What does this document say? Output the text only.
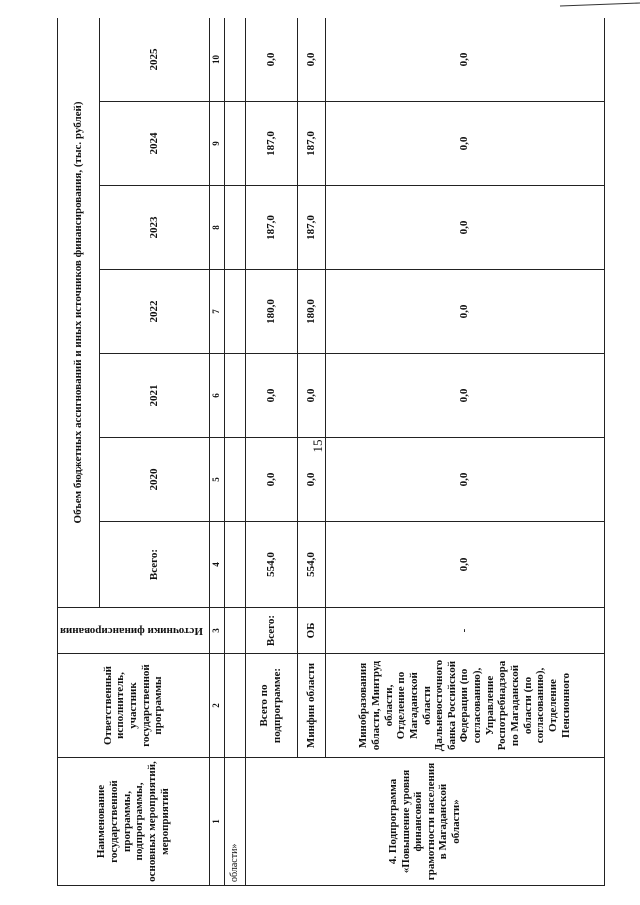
15
Наименование государственной программы, подпрограммы, основных мероприятий, мероприятий	Ответственный исполнитель, участник государственной программы	Источники финансирования	Объем бюджетных ассигнований и иных источников финансирования, (тыс. рублей)						
			Всего:	2020	2021	2022	2023	2024	2025
1	2	3	4	5	6	7	8	9	10
области»									
4. Подпрограмма «Повышение уровня финансовой грамотности населения в Магаданской области»	Всего по подпрограмме:	Всего:	554,0	0,0	0,0	180,0	187,0	187,0	0,0
	Минфин области	ОБ	554,0	0,0	0,0	180,0	187,0	187,0	0,0
	Минобразования области, Минтруд области, Отделение по Магаданской области Дальневосточного банка Российской Федерации (по согласованию), Управление Роспотребнадзора по Магаданской области (по согласованию), Отделение Пенсионного	-	0,0	0,0	0,0	0,0	0,0	0,0	0,0
